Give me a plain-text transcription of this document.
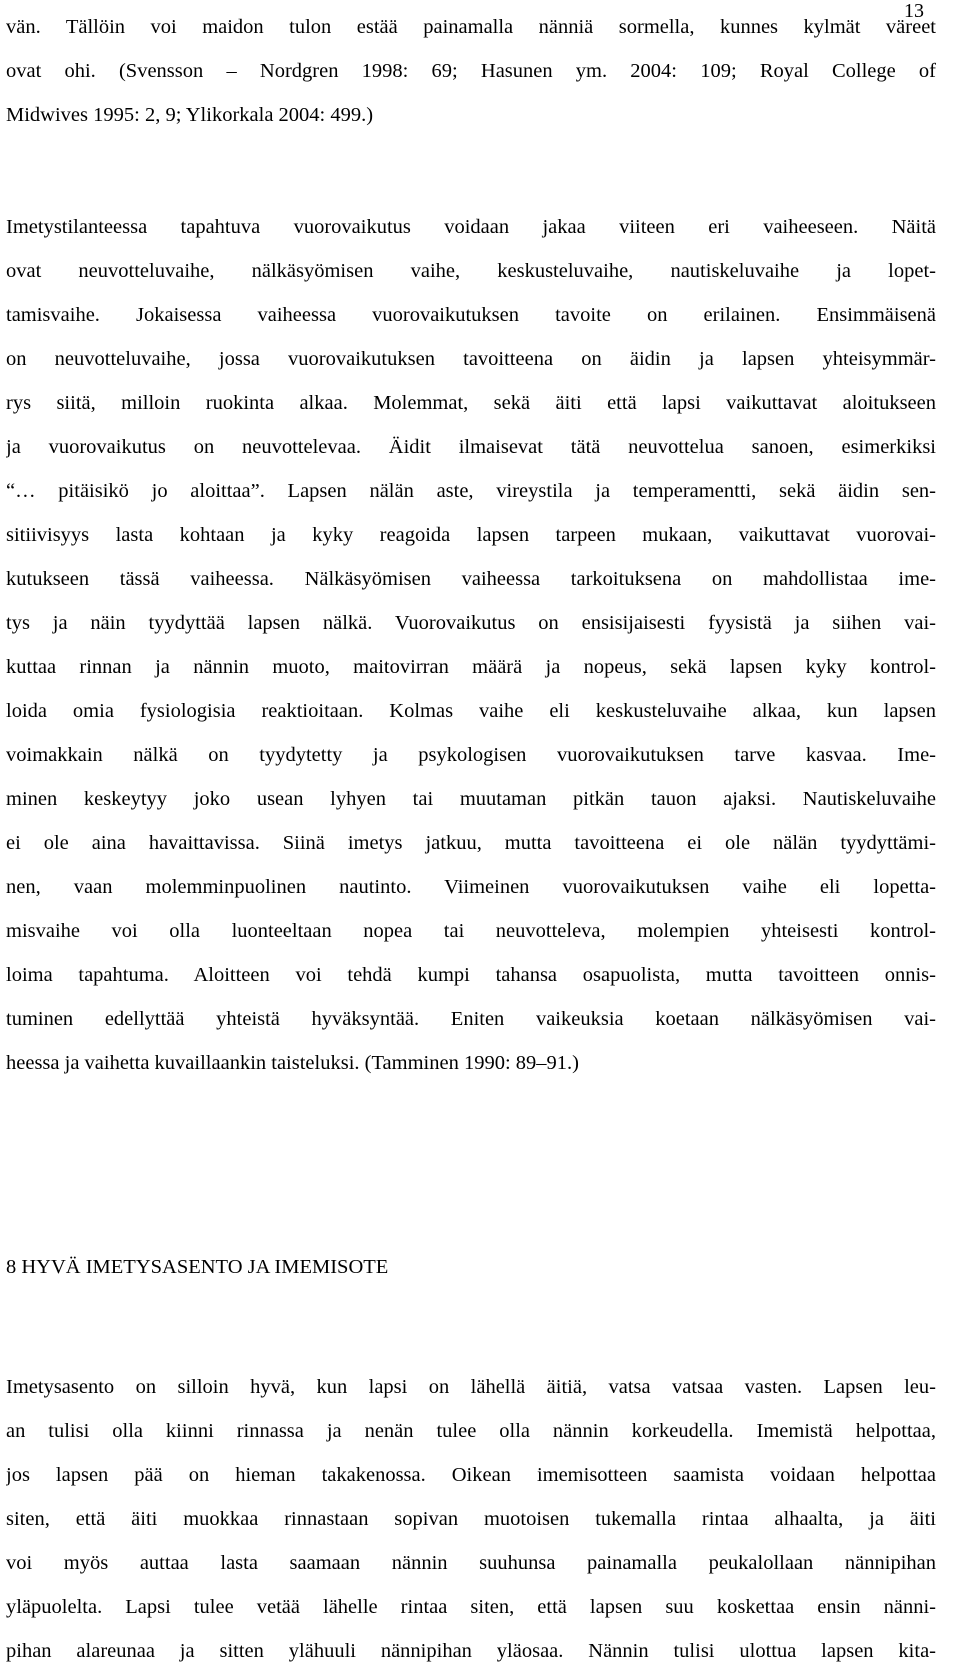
13
vän. Tällöin voi maidon tulon estää painamalla nänniä sormella, kunnes kylmät väreet
ovat ohi. (Svensson – Nordgren 1998: 69; Hasunen ym. 2004: 109; Royal College of
Midwives 1995: 2, 9; Ylikorkala 2004: 499.)
Imetystilanteessa tapahtuva vuorovaikutus voidaan jakaa viiteen eri vaiheeseen. Näitä
ovat neuvotteluvaihe, nälkäsyömisen vaihe, keskusteluvaihe, nautiskeluvaihe ja lopet-
tamisvaihe. Jokaisessa vaiheessa vuorovaikutuksen tavoite on erilainen. Ensimmäisenä
on neuvotteluvaihe, jossa vuorovaikutuksen tavoitteena on äidin ja lapsen yhteisymmär-
rys siitä, milloin ruokinta alkaa. Molemmat, sekä äiti että lapsi vaikuttavat aloitukseen
ja vuorovaikutus on neuvottelevaa. Äidit ilmaisevat tätä neuvottelua sanoen, esimerkiksi
“… pitäisikö jo aloittaa”. Lapsen nälän aste, vireystila ja temperamentti, sekä äidin sen-
sitiivisyys lasta kohtaan ja kyky reagoida lapsen tarpeen mukaan, vaikuttavat vuorovai-
kutukseen tässä vaiheessa. Nälkäsyömisen vaiheessa tarkoituksena on mahdollistaa ime-
tys ja näin tyydyttää lapsen nälkä. Vuorovaikutus on ensisijaisesti fyysistä ja siihen vai-
kuttaa rinnan ja nännin muoto, maitovirran määrä ja nopeus, sekä lapsen kyky kontrol-
loida omia fysiologisia reaktioitaan. Kolmas vaihe eli keskusteluvaihe alkaa, kun lapsen
voimakkain nälkä on tyydytetty ja psykologisen vuorovaikutuksen tarve kasvaa. Ime-
minen keskeytyy joko usean lyhyen tai muutaman pitkän tauon ajaksi. Nautiskeluvaihe
ei ole aina havaittavissa. Siinä imetys jatkuu, mutta tavoitteena ei ole nälän tyydyttämi-
nen, vaan molemminpuolinen nautinto. Viimeinen vuorovaikutuksen vaihe eli lopetta-
misvaihe voi olla luonteeltaan nopea tai neuvotteleva, molempien yhteisesti kontrol-
loima tapahtuma. Aloitteen voi tehdä kumpi tahansa osapuolista, mutta tavoitteen onnis-
tuminen edellyttää yhteistä hyväksyntää. Eniten vaikeuksia koetaan nälkäsyömisen vai-
heessa ja vaihetta kuvaillaankin taisteluksi. (Tamminen 1990: 89–91.)
8 HYVÄ IMETYSASENTO JA IMEMISOTE
Imetysasento on silloin hyvä, kun lapsi on lähellä äitiä, vatsa vatsaa vasten. Lapsen leu-
an tulisi olla kiinni rinnassa ja nenän tulee olla nännin korkeudella. Imemistä helpottaa,
jos lapsen pää on hieman takakenossa. Oikean imemisotteen saamista voidaan helpottaa
siten, että äiti muokkaa rinnastaan sopivan muotoisen tukemalla rintaa alhaalta, ja äiti
voi myös auttaa lasta saamaan nännin suuhunsa painamalla peukalollaan nännipihan
yläpuolelta. Lapsi tulee vetää lähelle rintaa siten, että lapsen suu koskettaa ensin nänni-
pihan alareunaa ja sitten ylähuuli nännipihan yläosaa. Nännin tulisi ulottua lapsen kita-
